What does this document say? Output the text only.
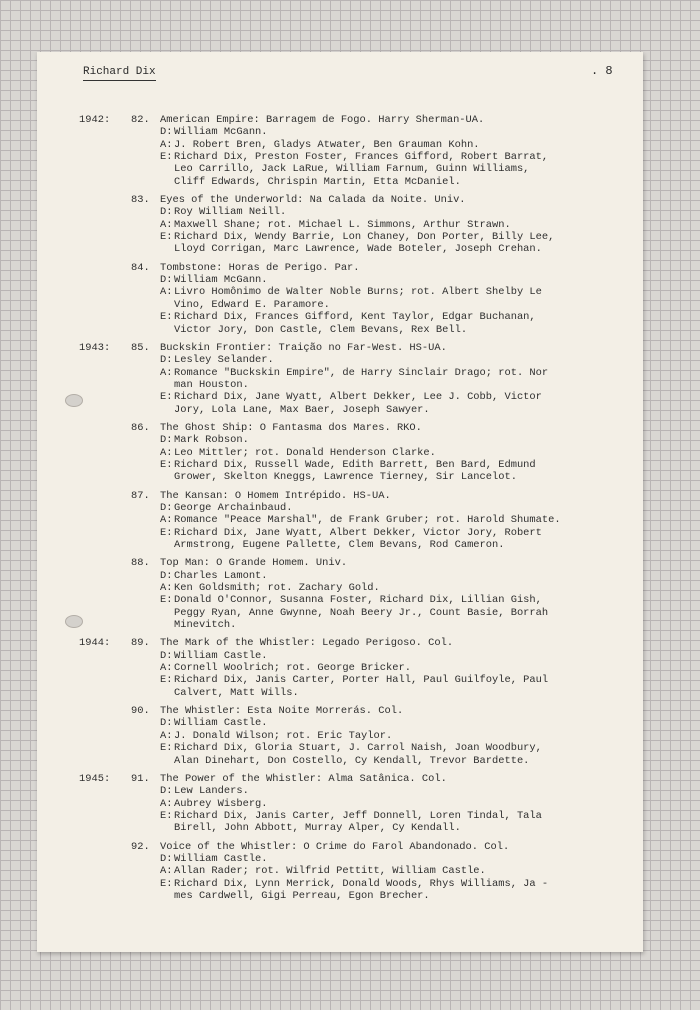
Richard Dix	. 8
1942: 82. American Empire: Barragem de Fogo. Harry Sherman-UA.
D: William McGann.
A: J. Robert Bren, Gladys Atwater, Ben Grauman Kohn.
E: Richard Dix, Preston Foster, Frances Gifford, Robert Barrat,
Leo Carrillo, Jack LaRue, William Farnum, Guinn Williams,
Cliff Edwards, Chrispin Martin, Etta McDaniel.
83. Eyes of the Underworld: Na Calada da Noite. Univ.
D: Roy William Neill.
A: Maxwell Shane; rot. Michael L. Simmons, Arthur Strawn.
E: Richard Dix, Wendy Barrie, Lon Chaney, Don Porter, Billy Lee,
Lloyd Corrigan, Marc Lawrence, Wade Boteler, Joseph Crehan.
84. Tombstone: Horas de Perigo. Par.
D: William McGann.
A: Livro Homônimo de Walter Noble Burns; rot. Albert Shelby Le
Vino, Edward E. Paramore.
E: Richard Dix, Frances Gifford, Kent Taylor, Edgar Buchanan,
Victor Jory, Don Castle, Clem Bevans, Rex Bell.
1943: 85. Buckskin Frontier: Traição no Far-West. HS-UA.
D: Lesley Selander.
A: Romance "Buckskin Empire", de Harry Sinclair Drago; rot. Nor
man Houston.
E: Richard Dix, Jane Wyatt, Albert Dekker, Lee J. Cobb, Victor
Jory, Lola Lane, Max Baer, Joseph Sawyer.
86. The Ghost Ship: O Fantasma dos Mares. RKO.
D: Mark Robson.
A: Leo Mittler; rot. Donald Henderson Clarke.
E: Richard Dix, Russell Wade, Edith Barrett, Ben Bard, Edmund
Grower, Skelton Kneggs, Lawrence Tierney, Sir Lancelot.
87. The Kansan: O Homem Intrépido. HS-UA.
D: George Archainbaud.
A: Romance "Peace Marshal", de Frank Gruber; rot. Harold Shumate.
E: Richard Dix, Jane Wyatt, Albert Dekker, Victor Jory, Robert
Armstrong, Eugene Pallette, Clem Bevans, Rod Cameron.
88. Top Man: O Grande Homem. Univ.
D: Charles Lamont.
A: Ken Goldsmith; rot. Zachary Gold.
E: Donald O'Connor, Susanna Foster, Richard Dix, Lillian Gish,
Peggy Ryan, Anne Gwynne, Noah Beery Jr., Count Basie, Borrah
Minevitch.
1944: 89. The Mark of the Whistler: Legado Perigoso. Col.
D: William Castle.
A: Cornell Woolrich; rot. George Bricker.
E: Richard Dix, Janis Carter, Porter Hall, Paul Guilfoyle, Paul
Calvert, Matt Wills.
90. The Whistler: Esta Noite Morrerás. Col.
D: William Castle.
A: J. Donald Wilson; rot. Eric Taylor.
E: Richard Dix, Gloria Stuart, J. Carrol Naish, Joan Woodbury,
Alan Dinehart, Don Costello, Cy Kendall, Trevor Bardette.
1945: 91. The Power of the Whistler: Alma Satânica. Col.
D: Lew Landers.
A: Aubrey Wisberg.
E: Richard Dix, Janis Carter, Jeff Donnell, Loren Tindal, Tala
Birell, John Abbott, Murray Alper, Cy Kendall.
92. Voice of the Whistler: O Crime do Farol Abandonado. Col.
D: William Castle.
A: Allan Rader; rot. Wilfrid Pettitt, William Castle.
E: Richard Dix, Lynn Merrick, Donald Woods, Rhys Williams, Ja -
mes Cardwell, Gigi Perreau, Egon Brecher.
